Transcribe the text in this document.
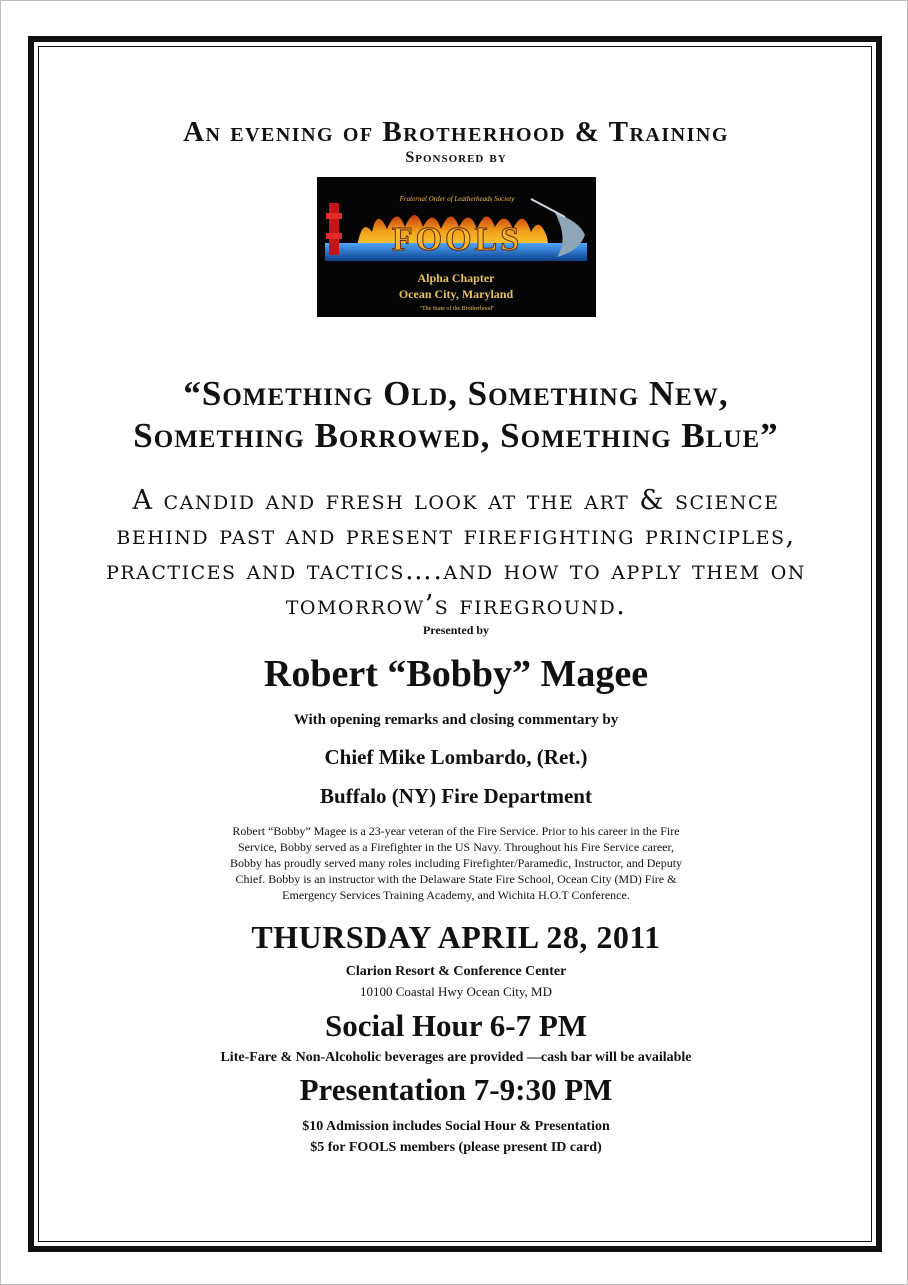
An evening of Brotherhood & Training
Sponsored by
Fraternal Order of Leatherheads Society
FOOLS
"The State of the Brotherhood"
Alpha Chapter
Ocean City, Maryland
“Something Old, Something New,
Something Borrowed, Something Blue”
A candid and fresh look at the art & science behind past and present firefighting principles, practices and tactics….and how to apply them on tomorrow’s fireground.
Presented by
Robert “Bobby” Magee
With opening remarks and closing commentary by
Chief Mike Lombardo, (Ret.)
Buffalo (NY) Fire Department
Robert “Bobby” Magee is a 23-year veteran of the Fire Service. Prior to his career in the Fire Service, Bobby served as a Firefighter in the US Navy. Throughout his Fire Service career, Bobby has proudly served many roles including Firefighter/Paramedic, Instructor, and Deputy Chief. Bobby is an instructor with the Delaware State Fire School, Ocean City (MD) Fire & Emergency Services Training Academy, and Wichita H.O.T Conference.
THURSDAY APRIL 28, 2011
Clarion Resort & Conference Center
10100 Coastal Hwy Ocean City, MD
Social Hour 6-7 PM
Lite-Fare & Non-Alcoholic beverages are provided —cash bar will be available
Presentation 7-9:30 PM
$10 Admission includes Social Hour & Presentation
$5 for FOOLS members (please present ID card)
